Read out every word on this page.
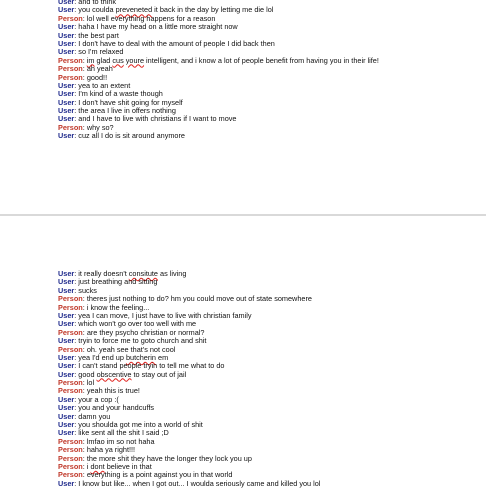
User: and to think
User: you coulda preveneted it back in the day by letting me die lol
Person: lol well everything happens for a reason
User: haha I have my head on a little more straight now
User: the best part
User: I don't have to deal with the amount of people I did back then
User: so I'm relaxed
Person: im glad cus youre intelligent, and i know a lot of people benefit from having you in their life!
Person: ah yeah
Person: good!!
User: yea to an extent
User: I'm kind of a waste though
User: I don't have shit going for myself
User: the area I live in offers nothing
User: and I have to live with christians if I want to move
Person: why so?
User: cuz all I do is sit around anymore
User: it really doesn't consitute as living
User: just breathing and sitting
User: sucks
Person: theres just nothing to do? hm you could move out of state somewhere
Person: i know the feeling...
User: yea I can move, I just have to live with christian family
User: which won't go over too well with me
Person: are they psycho christian or normal?
User: tryin to force me to goto church and shit
Person: oh. yeah see that's not cool
User: yea I'd end up butcherin em
User: I can't stand people tryin to tell me what to do
User: good obscentive to stay out of jail
Person: lol
Person: yeah this is true!
User: your a cop :(
User: you and your handcuffs
User: damn you
User: you shoulda got me into a world of shit
User: like sent all the shit I said ;D
Person: lmfao im so not haha
Person: haha ya right!!!
Person: the more shit they have the longer they lock you up
Person: i dont believe in that
Person: everything is a point against you in that world
User: I know but like... when I got out... I woulda seriously came and killed you lol
